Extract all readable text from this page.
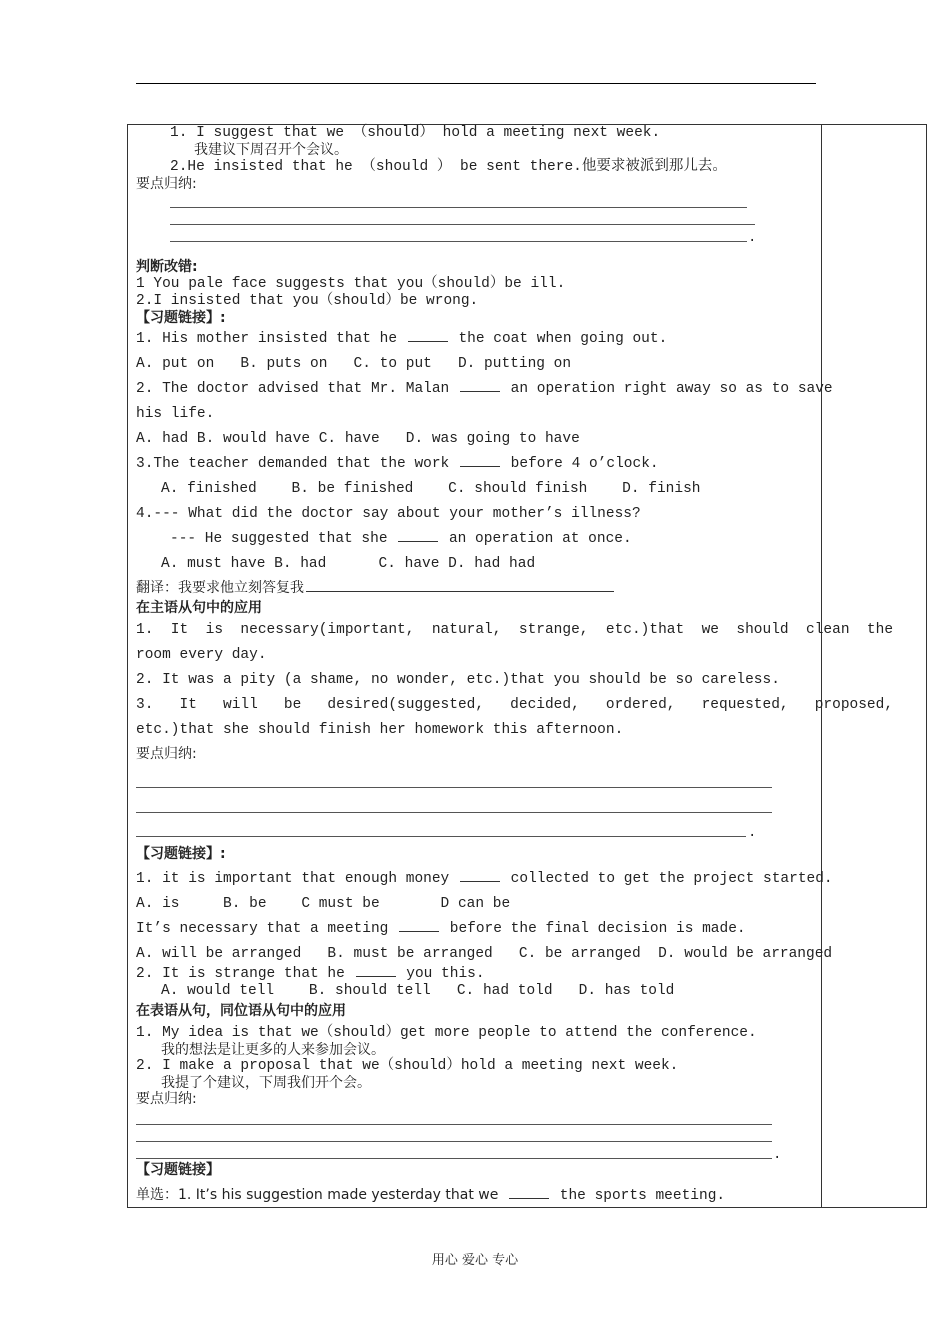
1. I suggest that we （should） hold a meeting next week.
我建议下周召开个会议。
2.He insisted that he （should ） be sent there.他要求被派到那儿去。
要点归纳:
.
判断改错:
1 You pale face suggests that you（should）be ill.
2.I insisted that you（should）be wrong.
【习题链接】:
1. His mother insisted that he	the coat when going out.
A. put on   B. puts on   C. to put   D. putting on
2. The doctor advised that Mr. Malan	an operation right away so as to save
his life.
A. had B. would have C. have   D. was going to have
3.The teacher demanded that the work	before 4 o’clock.
A. finished    B. be finished    C. should finish    D. finish
4.--- What did the doctor say about your mother’s illness?
--- He suggested that she	an operation at once.
A. must have B. had      C. have D. had had
翻译：我要求他立刻答复我
在主语从句中的应用
1.  It  is  necessary(important,  natural,  strange,  etc.)that  we  should  clean  the
room every day.
2. It was a pity (a shame, no wonder, etc.)that you should be so careless.
3.   It   will   be   desired(suggested,   decided,   ordered,   requested,   proposed,
etc.)that she should finish her homework this afternoon.
要点归纳:
.
【习题链接】:
1. it is important that enough money	collected to get the project started.
A. is     B. be    C must be       D can be
It’s necessary that a meeting	before the final decision is made.
A. will be arranged   B. must be arranged   C. be arranged  D. would be arranged
2. It is strange that he	you this.
A. would tell    B. should tell   C. had told   D. has told
在表语从句，同位语从句中的应用
1. My idea is that we（should）get more people to attend the conference.
我的想法是让更多的人来参加会议。
2. I make a proposal that we（should）hold a meeting next week.
我提了个建议，下周我们开个会。
要点归纳:
.
【习题链接】
单选：1. It’s his suggestion made yesterday that we	the sports meeting.
用心 爱心 专心
